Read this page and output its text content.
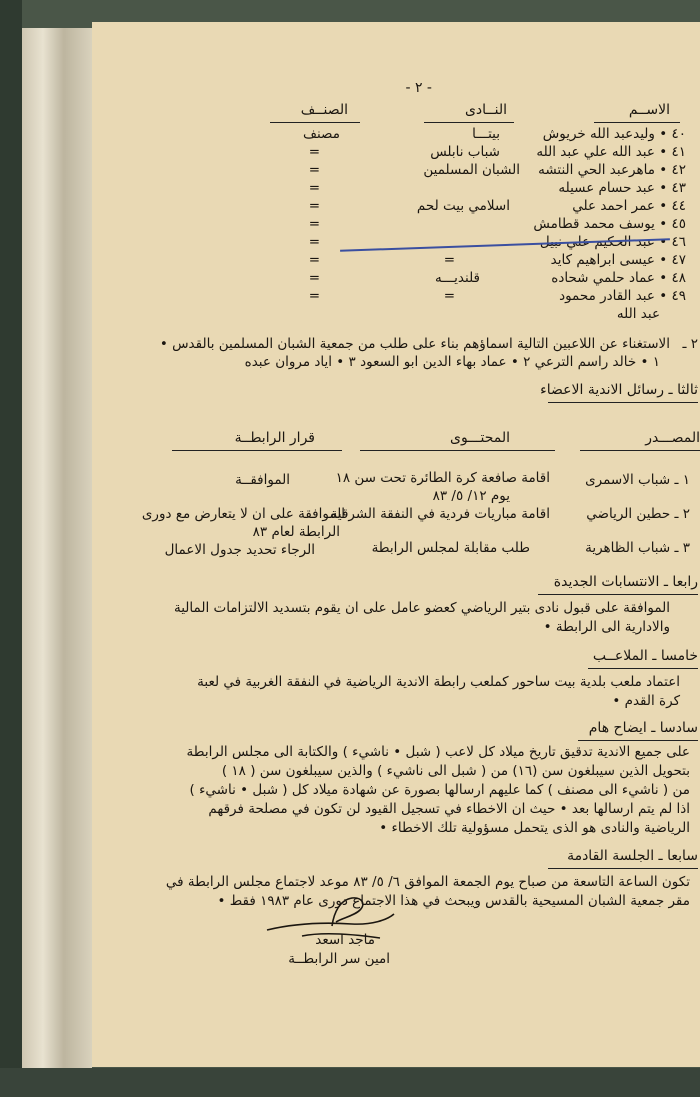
- ٢ -
الاســم
النــادى
الصنــف
٤٠ • وليدعبد الله خريوش
بيتـــا
مصنف
٤١ • عبد الله علي عبد الله
شباب نابلس
=
٤٢ • ماهرعبد الحي النتشه
الشبان المسلمين
=
٤٣ • عبد حسام عسيله
=
٤٤ • عمر احمد علي
اسلامي بيت لحم
=
٤٥ • يوسف محمد قطامش
=
٤٦ • عبد الحكيم علي نبيل
=
٤٧ • عيسى ابراهيم كايد
=
=
٤٨ • عماد حلمي شحاده
قلنديـــه
=
٤٩ • عبد القادر محمود
=
=
عبد الله
٢ ـ
الاستغناء عن اللاعبين التالية اسماؤهم بناء على طلب من جمعية الشبان المسلمين بالقدس •
١ • خالد راسم الترعي ٢ • عماد بهاء الدين ابو السعود ٣ • اياد مروان عبده
ثالثا ـ رسائل الاندية الاعضاء
المصـــدر
المحتـــوى
قرار الرابطــة
١ ـ شباب الاسمرى
اقامة صافعة كرة الطائرة تحت سن ١٨
يوم ١٢/ ٥/ ٨٣
الموافقــة
٢ ـ حطين الرياضي
اقامة مباريات فردية في النفقة الشرقية
الموافقة على ان لا يتعارض مع دورى
الرابطة لعام ٨٣
٣ ـ شباب الظاهرية
طلب مقابلة لمجلس الرابطة
الرجاء تحديد جدول الاعمال
رابعا ـ الانتسابات الجديدة
الموافقة على قبول نادى بتير الرياضي كعضو عامل على ان يقوم بتسديد الالتزامات المالية
والادارية الى الرابطة •
خامسا ـ الملاعــب
اعتماد ملعب بلدية بيت ساحور كملعب رابطة الاندية الرياضية في النفقة الغربية في لعبة
كرة القدم •
سادسا ـ ايضاح هام
على جميع الاندية تدقيق تاريخ ميلاد كل لاعب ( شبل • ناشيء ) والكتابة الى مجلس الرابطة
بتحويل الذين سيبلغون سن (١٦) من ( شبل الى ناشيء ) والذين سيبلغون سن ( ١٨ )
من ( ناشيء الى مصنف ) كما عليهم ارسالها بصورة عن شهادة ميلاد كل ( شبل • ناشيء )
اذا لم يتم ارسالها بعد • حيث ان الاخطاء في تسجيل القيود لن تكون في مصلحة فرقهم
الرياضية والنادى هو الذى يتحمل مسؤولية تلك الاخطاء •
سابعا ـ الجلسة القادمة
تكون الساعة التاسعة من صباح يوم الجمعة الموافق ٦/ ٥/ ٨٣ موعد لاجتماع مجلس الرابطة في
مقر جمعية الشبان المسيحية بالقدس ويبحث في هذا الاجتماع دورى عام ١٩٨٣ فقط •
ماجد اسعد
امين سر الرابطــة
